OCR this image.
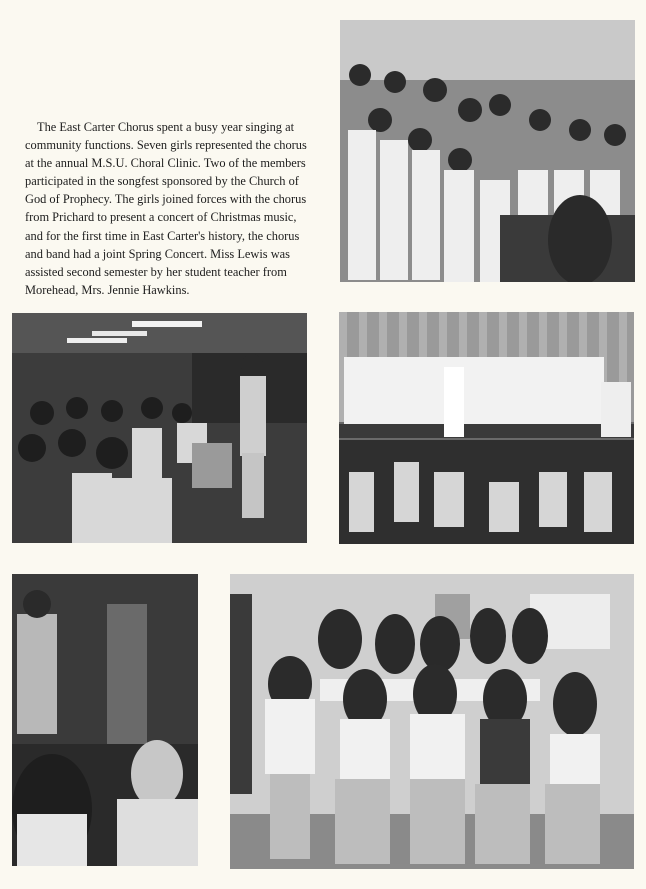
The East Carter Chorus spent a busy year singing at community functions. Seven girls represented the chorus at the annual M.S.U. Choral Clinic. Two of the members participated in the songfest sponsored by the Church of God of Prophecy. The girls joined forces with the chorus from Prichard to present a concert of Christmas music, and for the first time in East Carter's history, the chorus and band had a joint Spring Concert. Miss Lewis was assisted second semester by her student teacher from Morehead, Mrs. Jennie Hawkins.
